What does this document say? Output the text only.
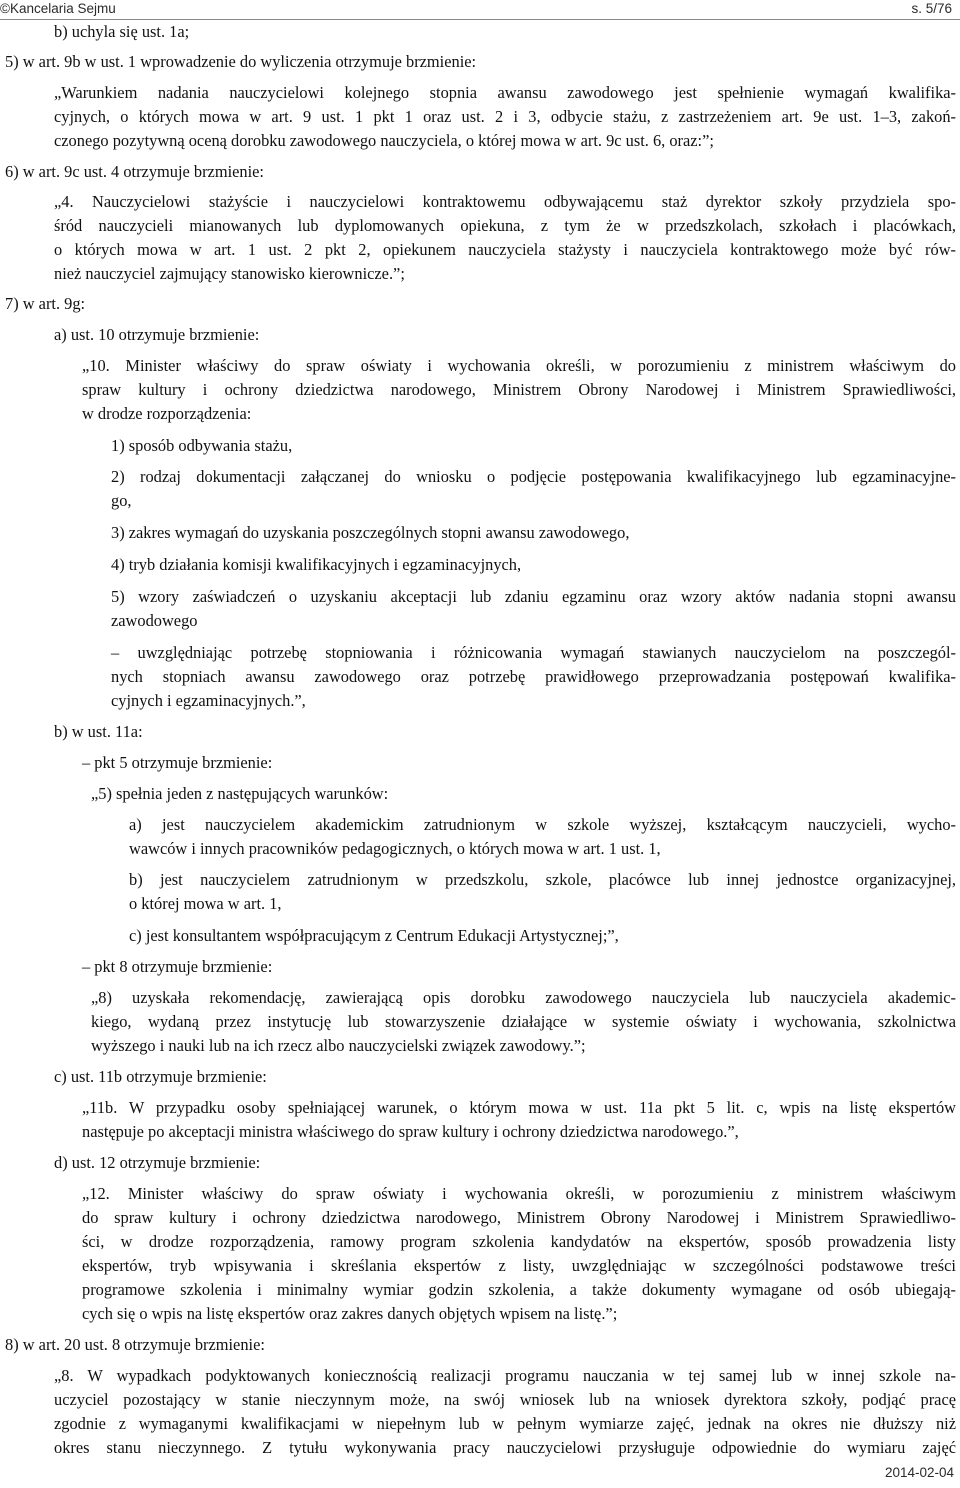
©Kancelaria Sejmu	s. 5/76
b) uchyla się ust. 1a;
5) w art. 9b w ust. 1 wprowadzenie do wyliczenia otrzymuje brzmienie:
„Warunkiem nadania nauczycielowi kolejnego stopnia awansu zawodowego jest spełnienie wymagań kwalifika-
cyjnych, o których mowa w art. 9 ust. 1 pkt 1 oraz ust. 2 i 3, odbycie stażu, z zastrzeżeniem art. 9e ust. 1–3, zakoń-
czonego pozytywną oceną dorobku zawodowego nauczyciela, o której mowa w art. 9c ust. 6, oraz:”;
6) w art. 9c ust. 4 otrzymuje brzmienie:
„4. Nauczycielowi stażyście i nauczycielowi kontraktowemu odbywającemu staż dyrektor szkoły przydziela spo-
śród nauczycieli mianowanych lub dyplomowanych opiekuna, z tym że w przedszkolach, szkołach i placówkach,
o których mowa w art. 1 ust. 2 pkt 2, opiekunem nauczyciela stażysty i nauczyciela kontraktowego może być rów-
nież nauczyciel zajmujący stanowisko kierownicze.”;
7) w art. 9g:
a) ust. 10 otrzymuje brzmienie:
„10. Minister właściwy do spraw oświaty i wychowania określi, w porozumieniu z ministrem właściwym do
spraw kultury i ochrony dziedzictwa narodowego, Ministrem Obrony Narodowej i Ministrem Sprawiedliwości,
w drodze rozporządzenia:
1) sposób odbywania stażu,
2) rodzaj dokumentacji załączanej do wniosku o podjęcie postępowania kwalifikacyjnego lub egzaminacyjne-
go,
3) zakres wymagań do uzyskania poszczególnych stopni awansu zawodowego,
4) tryb działania komisji kwalifikacyjnych i egzaminacyjnych,
5) wzory zaświadczeń o uzyskaniu akceptacji lub zdaniu egzaminu oraz wzory aktów nadania stopni awansu
zawodowego
– uwzględniając potrzebę stopniowania i różnicowania wymagań stawianych nauczycielom na poszczegól-
nych stopniach awansu zawodowego oraz potrzebę prawidłowego przeprowadzania postępowań kwalifika-
cyjnych i egzaminacyjnych.”,
b) w ust. 11a:
– pkt 5 otrzymuje brzmienie:
„5) spełnia jeden z następujących warunków:
a) jest nauczycielem akademickim zatrudnionym w szkole wyższej, kształcącym nauczycieli, wycho-
wawców i innych pracowników pedagogicznych, o których mowa w art. 1 ust. 1,
b) jest nauczycielem zatrudnionym w przedszkolu, szkole, placówce lub innej jednostce organizacyjnej,
o której mowa w art. 1,
c) jest konsultantem współpracującym z Centrum Edukacji Artystycznej;”,
– pkt 8 otrzymuje brzmienie:
„8) uzyskała rekomendację, zawierającą opis dorobku zawodowego nauczyciela lub nauczyciela akademic-
kiego, wydaną przez instytucję lub stowarzyszenie działające w systemie oświaty i wychowania, szkolnictwa
wyższego i nauki lub na ich rzecz albo nauczycielski związek zawodowy.”;
c) ust. 11b otrzymuje brzmienie:
„11b. W przypadku osoby spełniającej warunek, o którym mowa w ust. 11a pkt 5 lit. c, wpis na listę ekspertów
następuje po akceptacji ministra właściwego do spraw kultury i ochrony dziedzictwa narodowego.”,
d) ust. 12 otrzymuje brzmienie:
„12. Minister właściwy do spraw oświaty i wychowania określi, w porozumieniu z ministrem właściwym
do spraw kultury i ochrony dziedzictwa narodowego, Ministrem Obrony Narodowej i Ministrem Sprawiedliwo-
ści, w drodze rozporządzenia, ramowy program szkolenia kandydatów na ekspertów, sposób prowadzenia listy
ekspertów, tryb wpisywania i skreślania ekspertów z listy, uwzględniając w szczególności podstawowe treści
programowe szkolenia i minimalny wymiar godzin szkolenia, a także dokumenty wymagane od osób ubiegają-
cych się o wpis na listę ekspertów oraz zakres danych objętych wpisem na listę.”;
8) w art. 20 ust. 8 otrzymuje brzmienie:
„8. W wypadkach podyktowanych koniecznością realizacji programu nauczania w tej samej lub w innej szkole na-
uczyciel pozostający w stanie nieczynnym może, na swój wniosek lub na wniosek dyrektora szkoły, podjąć pracę
zgodnie z wymaganymi kwalifikacjami w niepełnym lub w pełnym wymiarze zajęć, jednak na okres nie dłuższy niż
okres stanu nieczynnego. Z tytułu wykonywania pracy nauczycielowi przysługuje odpowiednie do wymiaru zajęć
2014-02-04
